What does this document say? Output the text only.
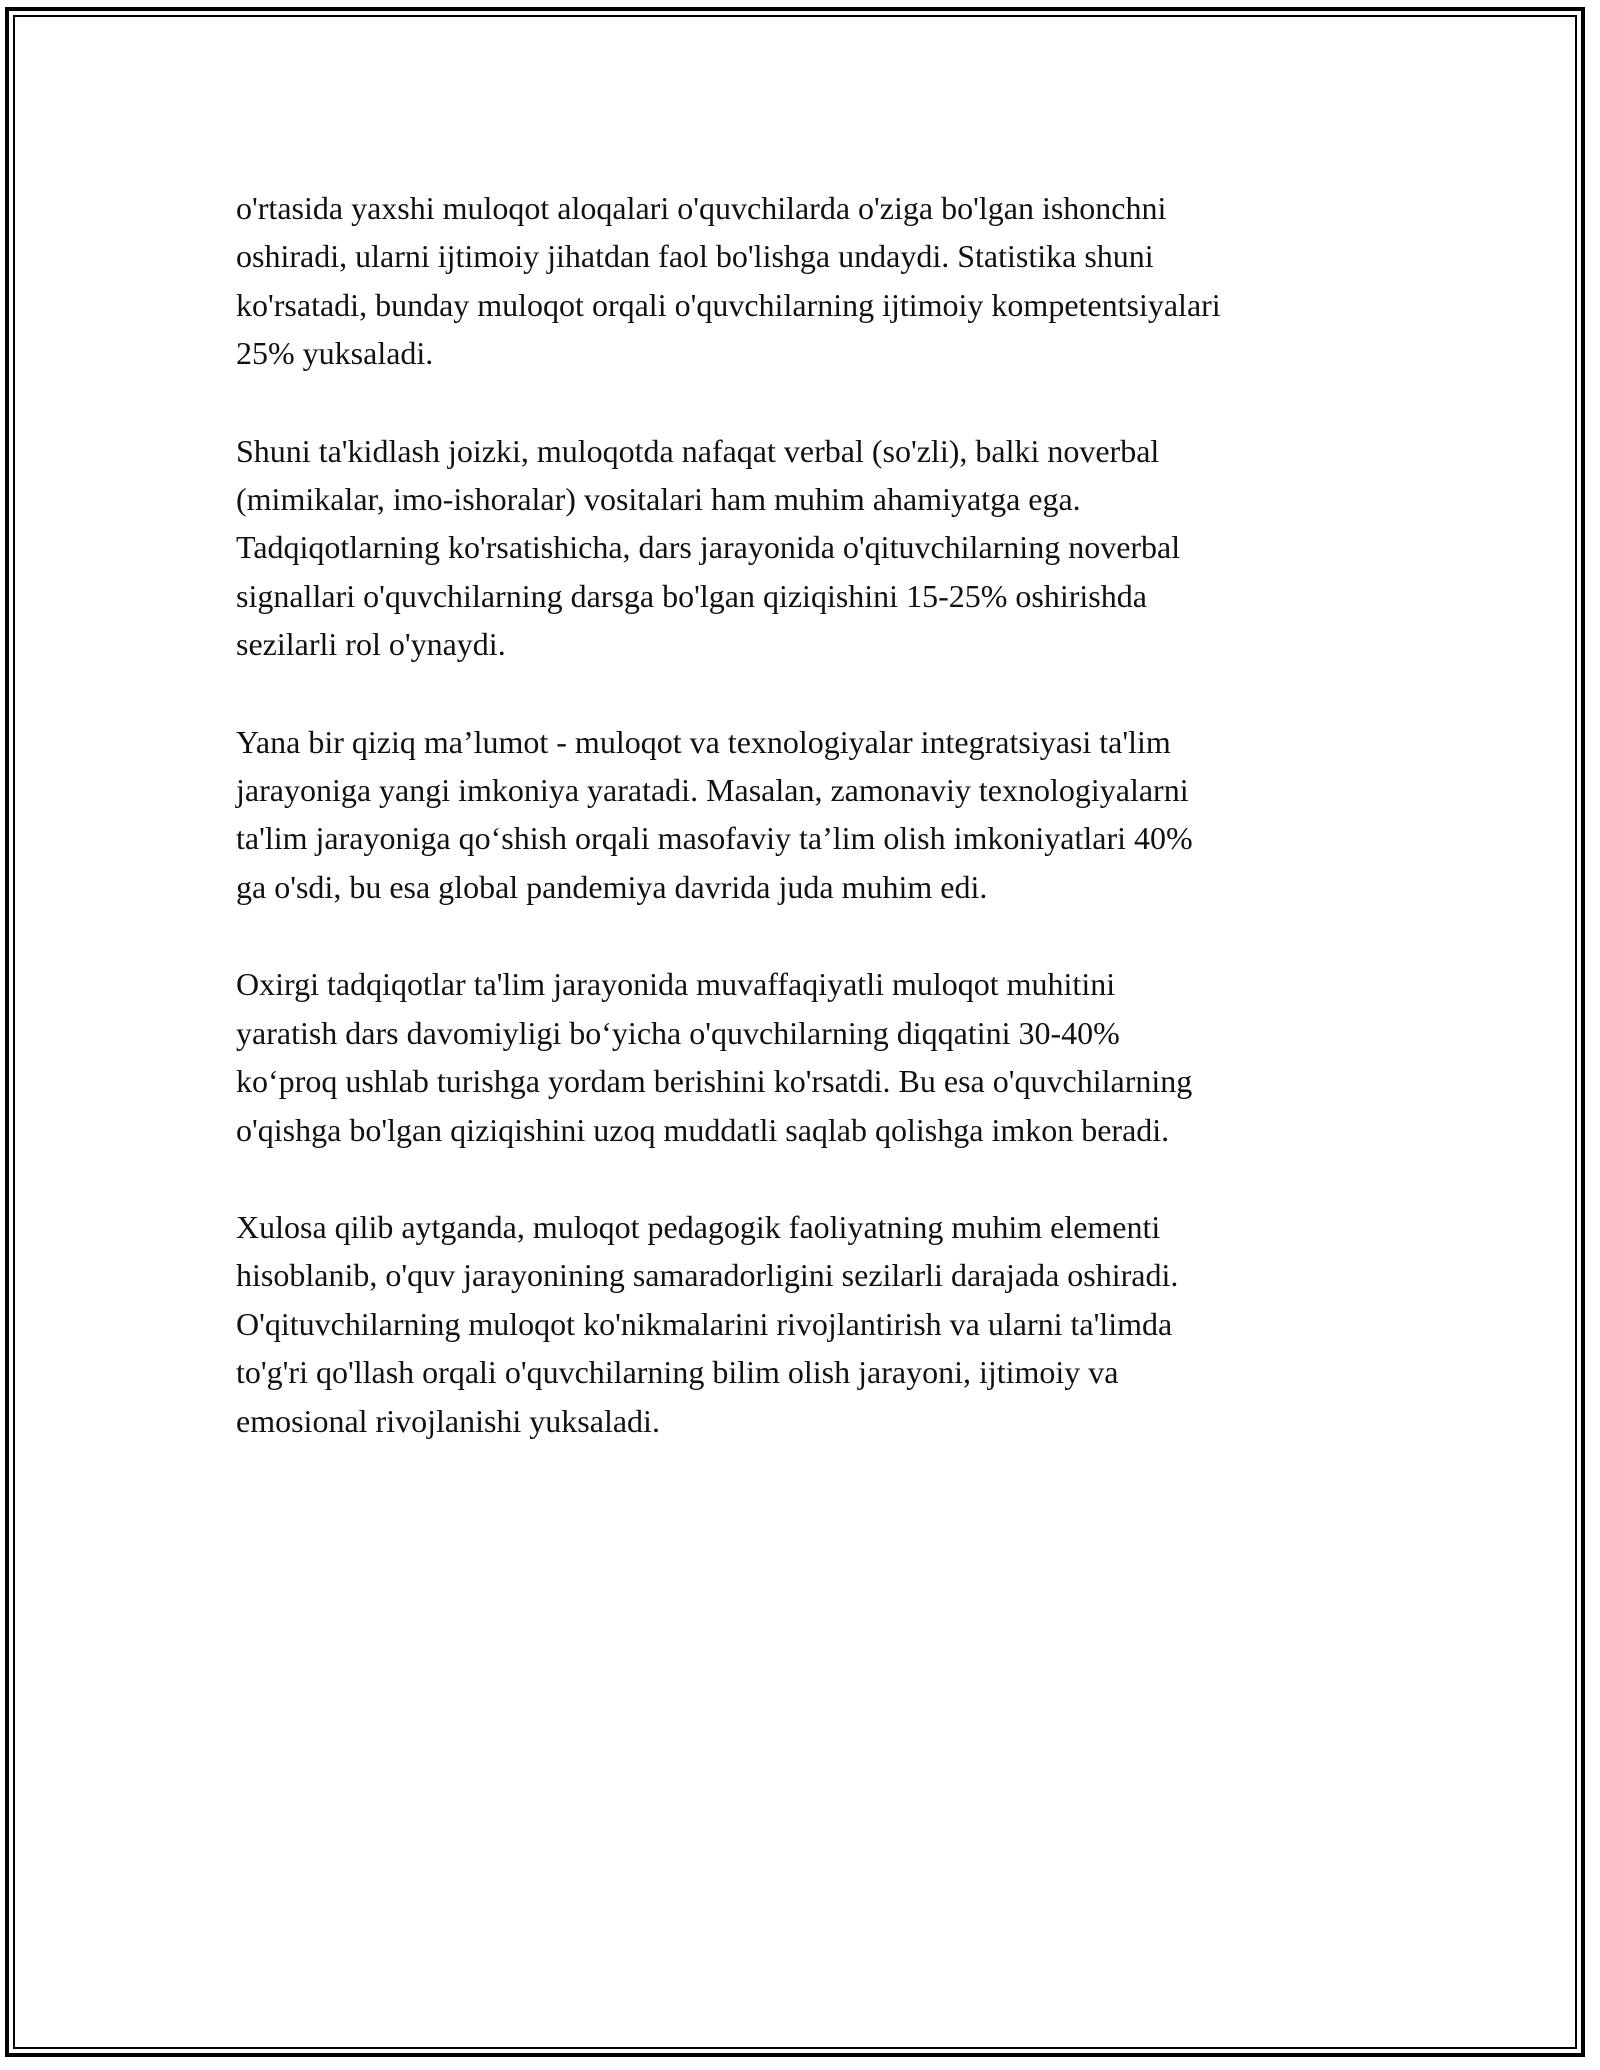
o'rtasida yaxshi muloqot aloqalari o'quvchilarda o'ziga bo'lgan ishonchni
oshiradi, ularni ijtimoiy jihatdan faol bo'lishga undaydi. Statistika shuni
ko'rsatadi, bunday muloqot orqali o'quvchilarning ijtimoiy kompetentsiyalari
25% yuksaladi.

Shuni ta'kidlash joizki, muloqotda nafaqat verbal (so'zli), balki noverbal
(mimikalar, imo-ishoralar) vositalari ham muhim ahamiyatga ega.
Tadqiqotlarning ko'rsatishicha, dars jarayonida o'qituvchilarning noverbal
signallari o'quvchilarning darsga bo'lgan qiziqishini 15-25% oshirishda
sezilarli rol o'ynaydi.

Yana bir qiziq ma’lumot - muloqot va texnologiyalar integratsiyasi ta'lim
jarayoniga yangi imkoniya yaratadi. Masalan, zamonaviy texnologiyalarni
ta'lim jarayoniga qo‘shish orqali masofaviy ta’lim olish imkoniyatlari 40%
ga o'sdi, bu esa global pandemiya davrida juda muhim edi.

Oxirgi tadqiqotlar ta'lim jarayonida muvaffaqiyatli muloqot muhitini
yaratish dars davomiyligi bo‘yicha o'quvchilarning diqqatini 30-40%
ko‘proq ushlab turishga yordam berishini ko'rsatdi. Bu esa o'quvchilarning
o'qishga bo'lgan qiziqishini uzoq muddatli saqlab qolishga imkon beradi.

Xulosa qilib aytganda, muloqot pedagogik faoliyatning muhim elementi
hisoblanib, o'quv jarayonining samaradorligini sezilarli darajada oshiradi.
O'qituvchilarning muloqot ko'nikmalarini rivojlantirish va ularni ta'limda
to'g'ri qo'llash orqali o'quvchilarning bilim olish jarayoni, ijtimoiy va
emosional rivojlanishi yuksaladi.
